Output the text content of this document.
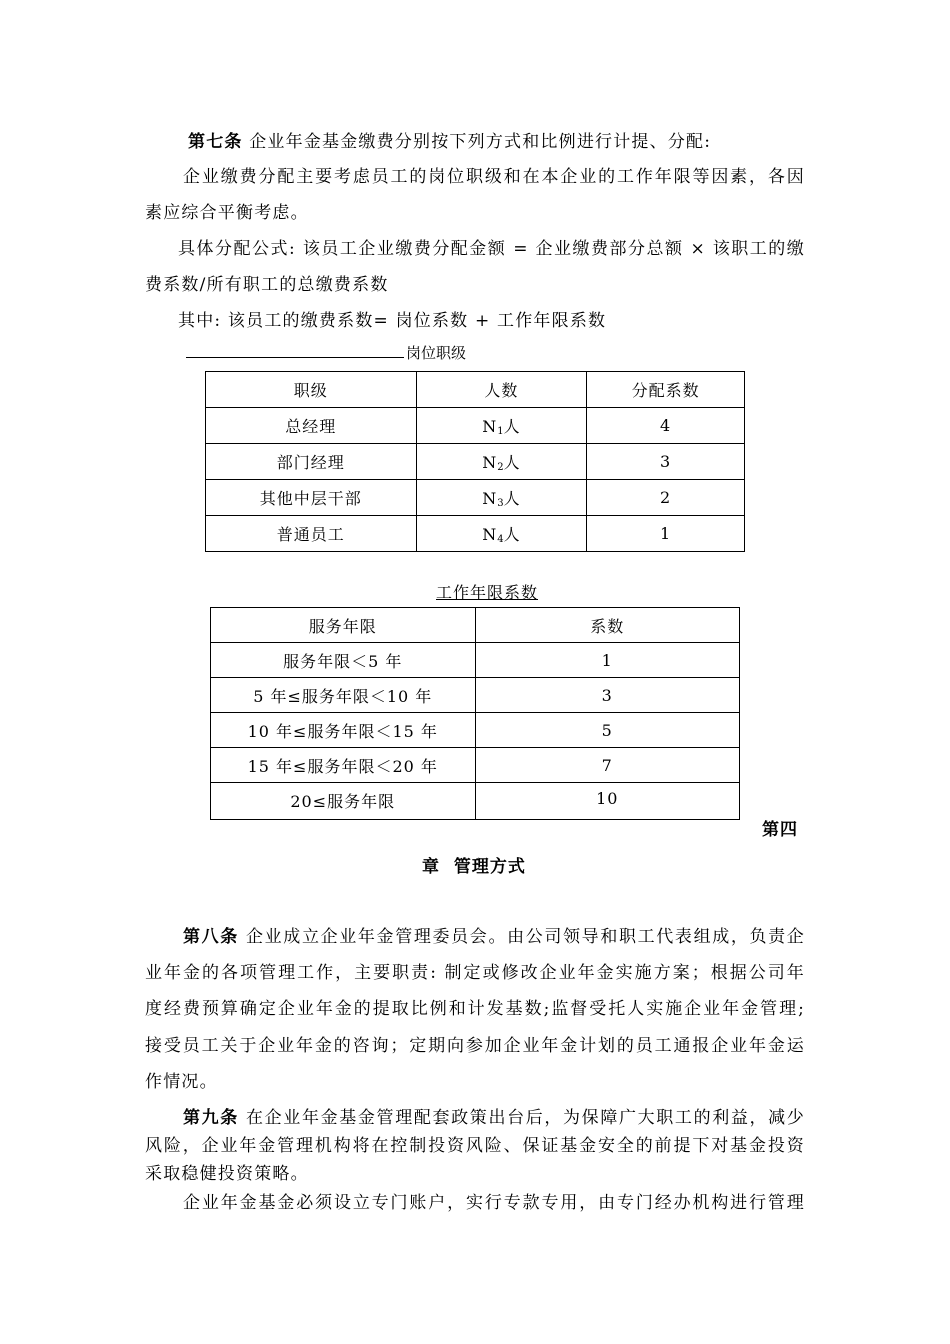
第七条 企业年金基金缴费分别按下列方式和比例进行计提、分配:
企业缴费分配主要考虑员工的岗位职级和在本企业的工作年限等因素，各因
素应综合平衡考虑。
具体分配公式: 该员工企业缴费分配金额 = 企业缴费部分总额 × 该职工的缴
费系数/所有职工的总缴费系数
其中: 该员工的缴费系数= 岗位系数 + 工作年限系数
岗位职级
职级	人数	分配系数
总经理	$N_1$人	4
部门经理	$N_2$人	3
其他中层干部	$N_3$人	2
普通员工	$N_4$人	1
工作年限系数
服务年限	系数
服务年限＜5 年	1
5 年≤服务年限＜10 年	3
10 年≤服务年限＜15 年	5
15 年≤服务年限＜20 年	7
20≤服务年限	10
第四
章  管理方式
第八条 企业成立企业年金管理委员会。由公司领导和职工代表组成，负责企
业年金的各项管理工作，主要职责: 制定或修改企业年金实施方案；根据公司年
度经费预算确定企业年金的提取比例和计发基数;监督受托人实施企业年金管理;
接受员工关于企业年金的咨询；定期向参加企业年金计划的员工通报企业年金运
作情况。
第九条 在企业年金基金管理配套政策出台后，为保障广大职工的利益，减少
风险，企业年金管理机构将在控制投资风险、保证基金安全的前提下对基金投资
采取稳健投资策略。
企业年金基金必须设立专门账户，实行专款专用，由专门经办机构进行管理
